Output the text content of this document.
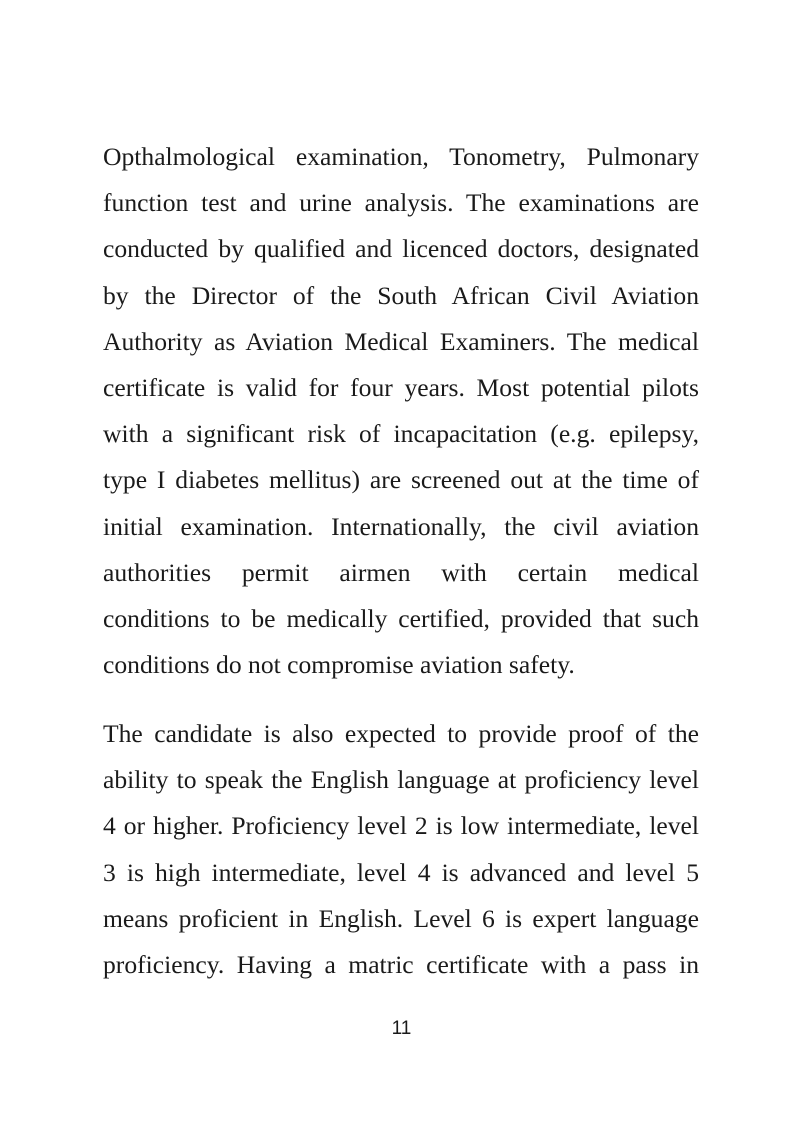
Opthalmological examination, Tonometry, Pulmonary
function test and urine analysis. The examinations are
conducted by qualified and licenced doctors, designated
by the Director of the South African Civil Aviation
Authority as Aviation Medical Examiners. The medical
certificate is valid for four years. Most potential pilots
with a significant risk of incapacitation (e.g. epilepsy,
type I diabetes mellitus) are screened out at the time of
initial examination. Internationally, the civil aviation
authorities permit airmen with certain medical
conditions to be medically certified, provided that such
conditions do not compromise aviation safety.
The candidate is also expected to provide proof of the
ability to speak the English language at proficiency level
4 or higher. Proficiency level 2 is low intermediate, level
3 is high intermediate, level 4 is advanced and level 5
means proficient in English. Level 6 is expert language
proficiency. Having a matric certificate with a pass in
11
